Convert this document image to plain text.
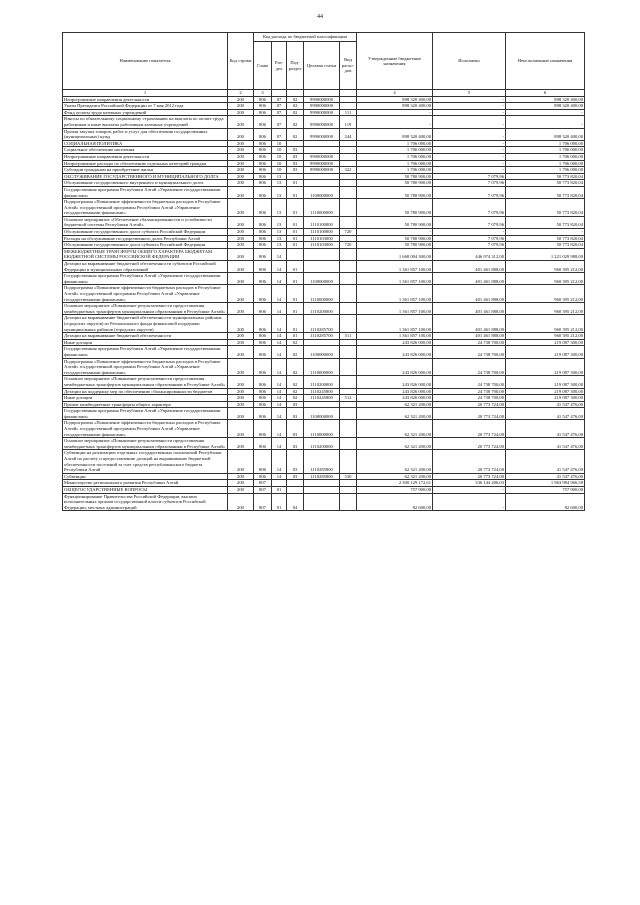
44
Наименование показателя	Код строки	Код расхода по бюджетной классификации					Утвержденные бюджетные назначения	Исполнено	Неисполненные назначения
		Глава	Раз-дел	Под-раздел	Целевая статья	Вид расхо-дов			
1	2	3					4	5	6
Непрограммные направления деятельности	200	806	07	02	9900000000		898 320 400,00	-	898 320 400,00
Указы Президента Российской Федерации от 7 мая 2012 года	200	806	07	02	9990000000		898 320 400,00	-	898 320 400,00
Фонд оплаты труда казенных учреждений	200	806	07	02	9990000000	111	-	-	-
Взносы по обязательному социальному страхованию на выплаты по оплате труда работников и иные выплаты работникам казенных учреждений	200	806	07	02	9990000000	119	-	-	-
Прочая закупка товаров, работ и услуг для обеспечения государственных (муниципальных) нужд	200	806	07	02	9990000000	244	898 320 400,00	-	898 320 400,00
СОЦИАЛЬНАЯ ПОЛИТИКА	200	806	10				1 706 000,00	-	1 706 000,00
Социальное обеспечение населения	200	806	10	03			1 706 000,00	-	1 706 000,00
Непрограммные направления деятельности	200	806	10	03	9900000000		1 706 000,00	-	1 706 000,00
Непрограммные расходы по обеспечению отдельных категорий граждан	200	806	10	03	9990000000		1 706 000,00	-	1 706 000,00
Субсидии гражданам на приобретение жилья	200	806	10	03	9990000000	322	1 706 000,00	-	1 706 000,00
ОБСЛУЖИВАНИЕ ГОСУДАРСТВЕННОГО И МУНИЦИПАЛЬНОГО ДОЛГА	200	806	13				50 780 900,00	7 079,96	50 773 820,04
Обслуживание государственного внутреннего и муниципального долга	200	806	13	01			50 780 900,00	7 079,96	50 773 820,04
Государственная программа Республики Алтай «Управление государственными финансами»	200	806	13	01	1100000000		50 780 900,00	7 079,96	50 773 820,04
Подпрограмма «Повышение эффективности бюджетных расходов в Республике Алтай» государственной программы Республики Алтай «Управление государственными финансами»	200	806	13	01	1110000000		50 780 900,00	7 079,96	50 773 820,04
Основное мероприятие «Обеспечение сбалансированности и устойчивости бюджетной системы Республики Алтай»	200	806	13	01	1110100000		50 780 900,00	7 079,96	50 773 820,04
Обслуживание государственного долга субъекта Российской Федерации	200	806	13	01	1110100000	720	-	-	-
Расходы на обслуживание государственного долга Республики Алтай	200	806	13	01	1110103000		50 780 900,00	7 079,96	50 773 820,04
Обслуживание государственного долга субъекта Российской Федерации	200	806	13	01	1110103000	720	50 780 900,00	7 079,96	50 773 820,04
МЕЖБЮДЖЕТНЫЕ ТРАНСФЕРТЫ ОБЩЕГО ХАРАКТЕРА БЮДЖЕТАМ БЮДЖЕТНОЙ СИСТЕМЫ РОССИЙСКОЙ ФЕДЕРАЦИИ	200	806	14				1 668 004 300,00	446 974 312,00	1 221 029 988,00
Дотации на выравнивание бюджетной обеспеченности субъектов Российской Федерации и муниципальных образований	200	806	14	01			1 361 857 100,00	401 461 888,00	960 395 212,00
Государственная программа Республики Алтай «Управление государственными финансами»	200	806	14	01	1100000000		1 361 857 100,00	401 461 888,00	960 395 212,00
Подпрограмма «Повышение эффективности бюджетных расходов в Республике Алтай» государственной программы Республики Алтай «Управление государственными финансами»	200	806	14	01	1110000000		1 361 857 100,00	401 461 888,00	960 395 212,00
Основное мероприятие «Повышение результативности предоставления межбюджетных трансфертов муниципальным образованиям в Республике Алтай»	200	806	14	01	1110200000		1 361 857 100,00	401 461 888,00	960 395 212,00
Дотации на выравнивание бюджетной обеспеченности муниципальных районов (городских округов) из Регионального фонда финансовой поддержки муниципальных районов (городских округов)	200	806	14	01	1110285700		1 361 857 100,00	401 461 888,00	960 395 212,00
Дотации на выравнивание бюджетной обеспеченности	200	806	14	01	1110285700	511	1 361 857 100,00	401 461 888,00	960 395 212,00
Иные дотации	200	806	14	02			243 826 000,00	24 738 700,00	219 087 300,00
Государственная программа Республики Алтай «Управление государственными финансами»	200	806	14	02	1100000000		243 826 000,00	24 738 700,00	219 087 300,00
Подпрограмма «Повышение эффективности бюджетных расходов в Республике Алтай» государственной программы Республики Алтай «Управление государственными финансами»	200	806	14	02	1110000000		243 826 000,00	24 738 700,00	219 087 300,00
Основное мероприятие «Повышение результативности предоставления межбюджетных трансфертов муниципальным образованиям в Республике Алтай»	200	806	14	02	1110200000		243 826 000,00	24 738 700,00	219 087 300,00
Дотации на поддержку мер по обеспечению сбалансированности бюджетов	200	806	14	02	1110245800		243 826 000,00	24 738 700,00	219 087 300,00
Иные дотации	200	806	14	02	1110245800	512	243 826 000,00	24 738 700,00	219 087 300,00
Прочие межбюджетные трансферты общего характера	200	806	14	03			62 321 200,00	20 773 724,00	41 547 476,00
Государственная программа Республики Алтай «Управление государственными финансами»	200	806	14	03	1100000000		62 321 200,00	20 773 724,00	41 547 476,00
Подпрограмма «Повышение эффективности бюджетных расходов в Республике Алтай» государственной программы Республики Алтай «Управление государственными финансами»	200	806	14	03	1110000000		62 321 200,00	20 773 724,00	41 547 476,00
Основное мероприятие «Повышение результативности предоставления межбюджетных трансфертов муниципальным образованиям в Республике Алтай»	200	806	14	03	1110200000		62 321 200,00	20 773 724,00	41 547 476,00
Субвенции на реализацию отдельных государственных полномочий Республики Алтай по расчету и предоставлению дотаций на выравнивание бюджетной обеспеченности поселений за счет средств республиканского бюджета Республики Алтай	200	806	14	03	1110285800		62 321 200,00	20 773 724,00	41 547 476,00
Субвенции	200	806	14	03	1110285800	530	62 321 200,00	20 773 724,00	41 547 476,00
Министерство регионального развития Республики Алтай	200	807					2 300 129 172,61	336 144 206,03	1 963 984 966,58
ОБЩЕГОСУДАРСТВЕННЫЕ ВОПРОСЫ	200	807	01				757 900,00	-	757 900,00
Функционирование Правительства Российской Федерации, высших исполнительных органов государственной власти субъектов Российской Федерации, местных администраций	200	807	01	04			82 600,00	-	82 600,00
